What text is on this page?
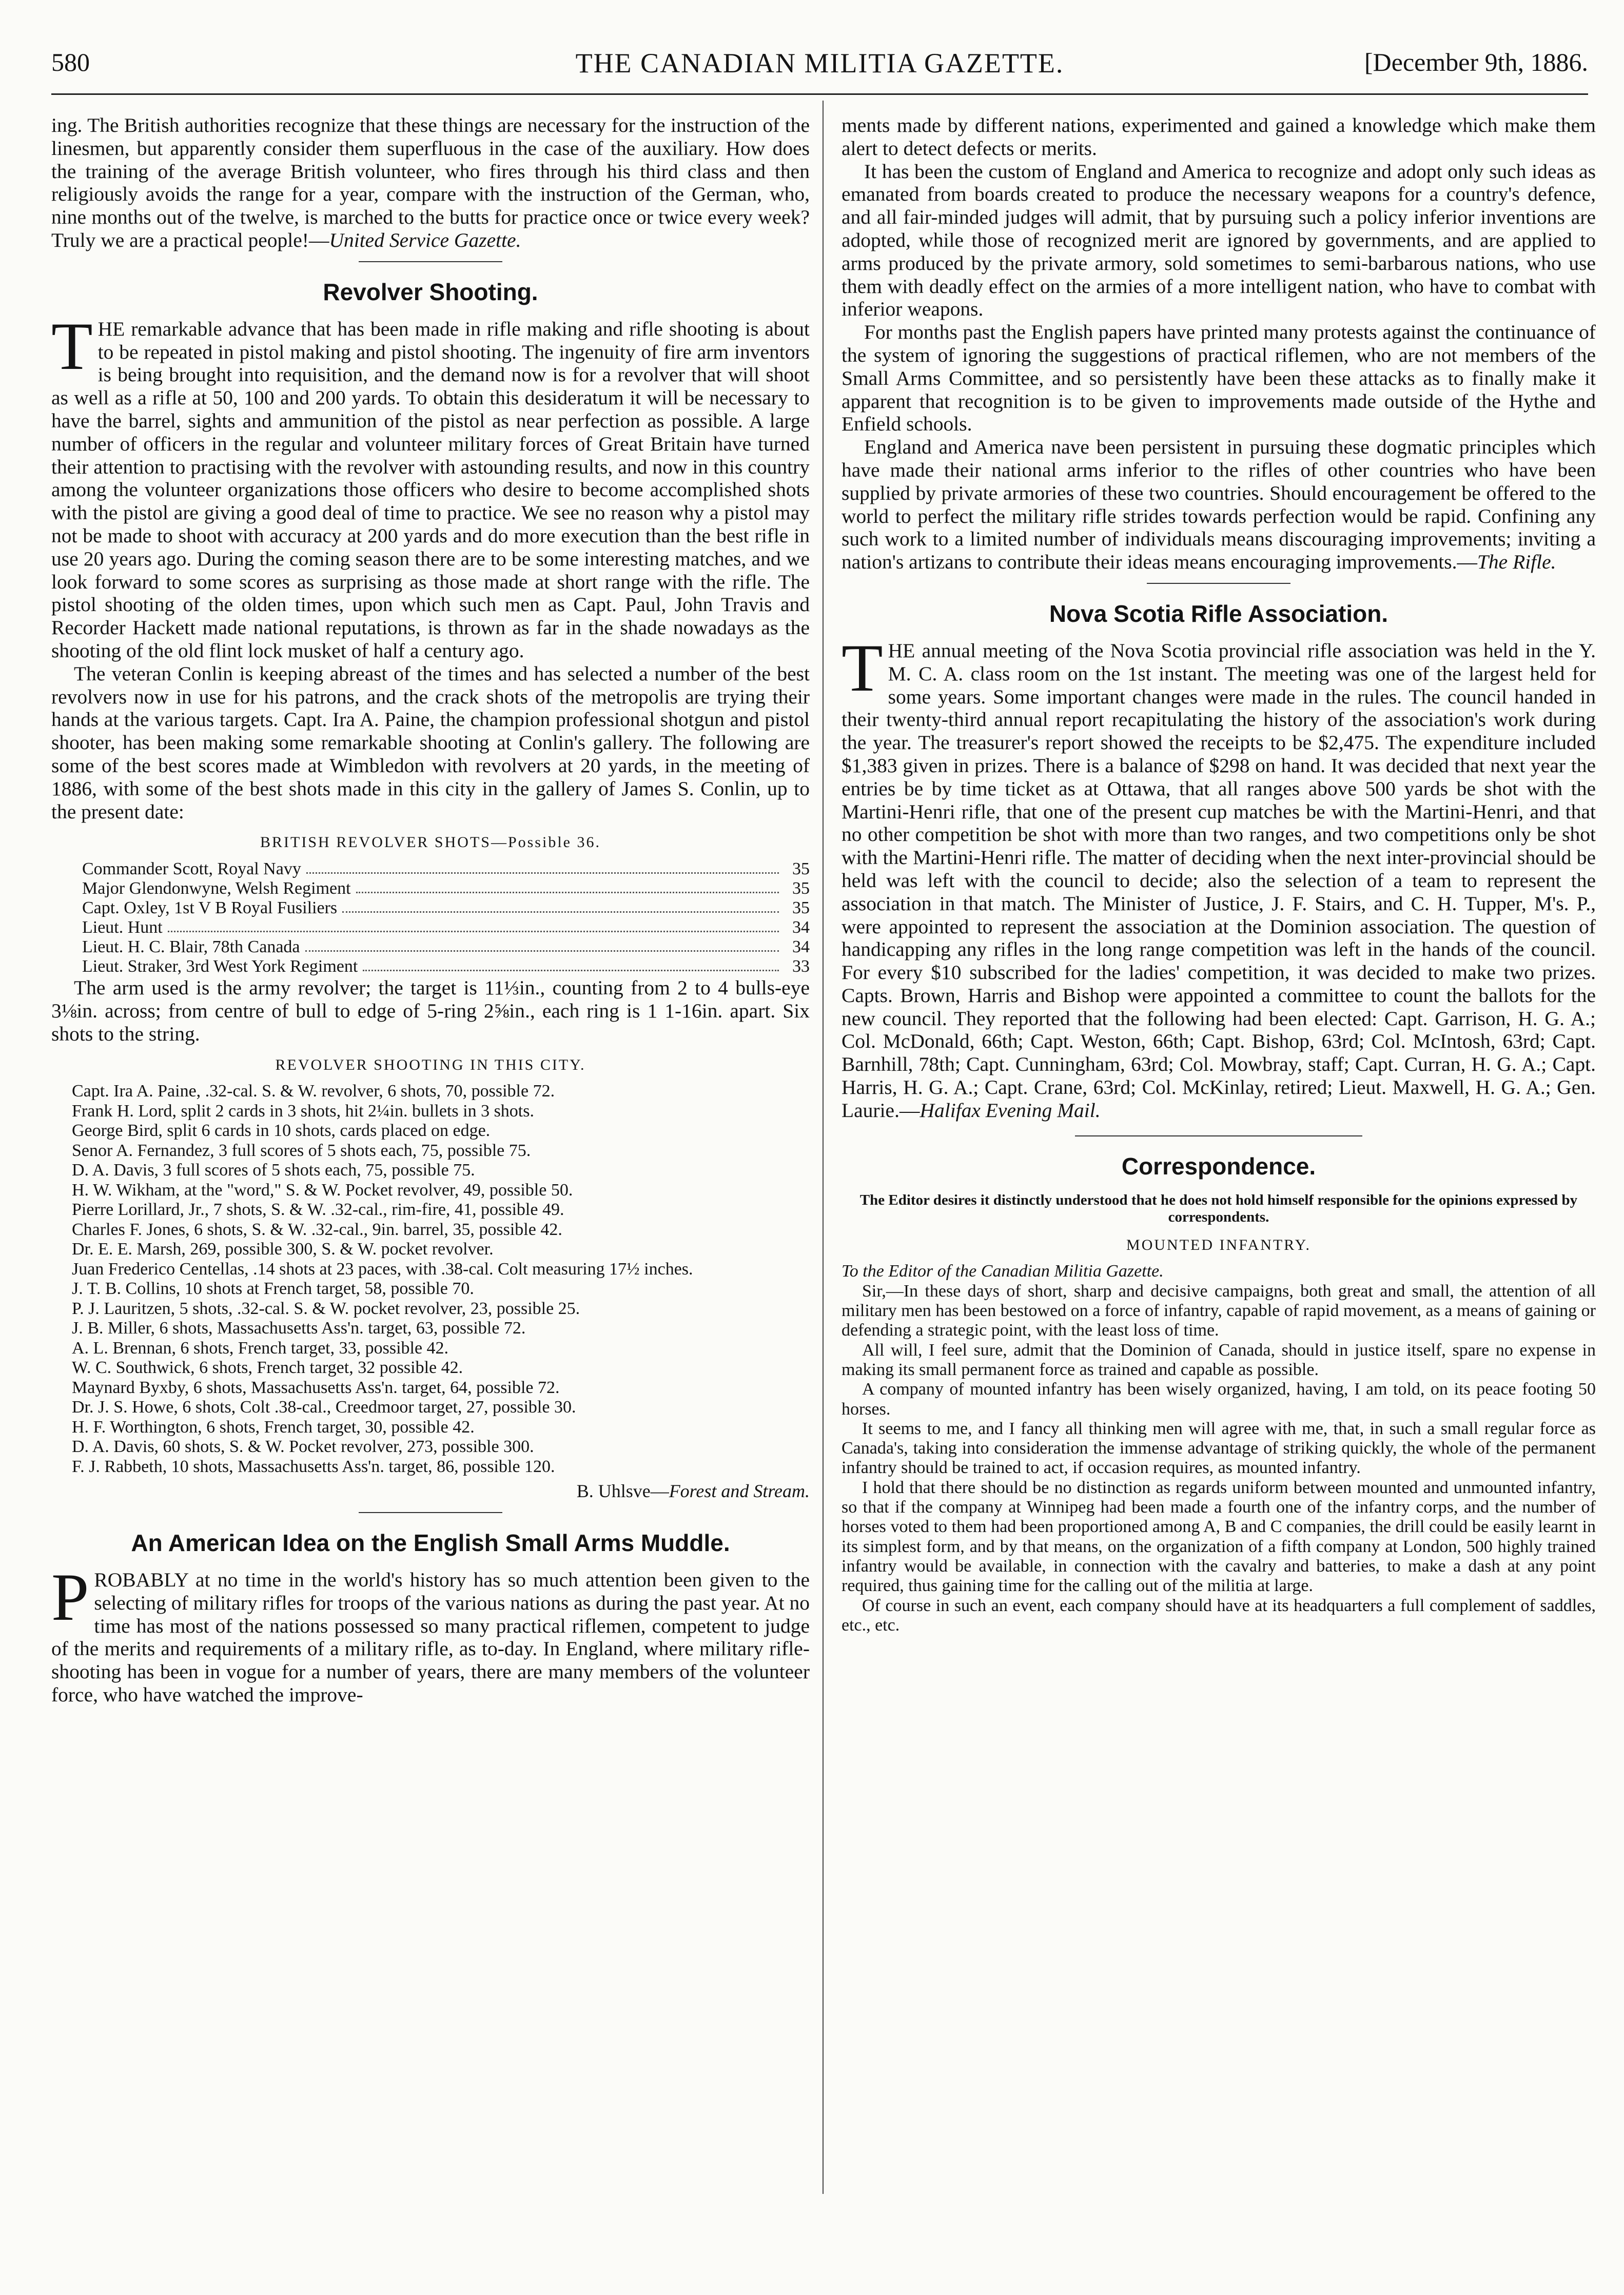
580	THE CANADIAN MILITIA GAZETTE.	[December 9th, 1886.

ing. The British authorities recognize that these things are necessary for the instruction of the linesmen, but apparently consider them superfluous in the case of the auxiliary. How does the training of the average British volunteer, who fires through his third class and then religiously avoids the range for a year, compare with the instruction of the German, who, nine months out of the twelve, is marched to the butts for practice once or twice every week? Truly we are a practical people!—United Service Gazette.

Revolver Shooting.

THE remarkable advance that has been made in rifle making and rifle shooting is about to be repeated in pistol making and pistol shooting. The ingenuity of fire arm inventors is being brought into requisition, and the demand now is for a revolver that will shoot as well as a rifle at 50, 100 and 200 yards. To obtain this desideratum it will be necessary to have the barrel, sights and ammunition of the pistol as near perfection as possible. A large number of officers in the regular and volunteer military forces of Great Britain have turned their attention to practising with the revolver with astounding results, and now in this country among the volunteer organizations those officers who desire to become accomplished shots with the pistol are giving a good deal of time to practice. We see no reason why a pistol may not be made to shoot with accuracy at 200 yards and do more execution than the best rifle in use 20 years ago. During the coming season there are to be some interesting matches, and we look forward to some scores as surprising as those made at short range with the rifle. The pistol shooting of the olden times, upon which such men as Capt. Paul, John Travis and Recorder Hackett made national reputations, is thrown as far in the shade nowadays as the shooting of the old flint lock musket of half a century ago.

The veteran Conlin is keeping abreast of the times and has selected a number of the best revolvers now in use for his patrons, and the crack shots of the metropolis are trying their hands at the various targets. Capt. Ira A. Paine, the champion professional shotgun and pistol shooter, has been making some remarkable shooting at Conlin's gallery. The following are some of the best scores made at Wimbledon with revolvers at 20 yards, in the meeting of 1886, with some of the best shots made in this city in the gallery of James S. Conlin, up to the present date:

BRITISH REVOLVER SHOTS—Possible 36.
Commander Scott, Royal Navy	35
Major Glendonwyne, Welsh Regiment	35
Capt. Oxley, 1st V B Royal Fusiliers	35
Lieut. Hunt	34
Lieut. H. C. Blair, 78th Canada	34
Lieut. Straker, 3rd West York Regiment	33

The arm used is the army revolver; the target is 11⅓in., counting from 2 to 4 bulls-eye 3⅛in. across; from centre of bull to edge of 5-ring 2⅝in., each ring is 1 1-16in. apart. Six shots to the string.

REVOLVER SHOOTING IN THIS CITY.
Capt. Ira A. Paine, .32-cal. S. & W. revolver, 6 shots, 70, possible 72.
Frank H. Lord, split 2 cards in 3 shots, hit 2¼in. bullets in 3 shots.
George Bird, split 6 cards in 10 shots, cards placed on edge.
Senor A. Fernandez, 3 full scores of 5 shots each, 75, possible 75.
D. A. Davis, 3 full scores of 5 shots each, 75, possible 75.
H. W. Wikham, at the "word," S. & W. Pocket revolver, 49, possible 50.
Pierre Lorillard, Jr., 7 shots, S. & W. .32-cal., rim-fire, 41, possible 49.
Charles F. Jones, 6 shots, S. & W. .32-cal., 9in. barrel, 35, possible 42.
Dr. E. E. Marsh, 269, possible 300, S. & W. pocket revolver.
Juan Frederico Centellas, .14 shots at 23 paces, with .38-cal. Colt measuring 17½ inches.
J. T. B. Collins, 10 shots at French target, 58, possible 70.
P. J. Lauritzen, 5 shots, .32-cal. S. & W. pocket revolver, 23, possible 25.
J. B. Miller, 6 shots, Massachusetts Ass'n. target, 63, possible 72.
A. L. Brennan, 6 shots, French target, 33, possible 42.
W. C. Southwick, 6 shots, French target, 32 possible 42.
Maynard Byxby, 6 shots, Massachusetts Ass'n. target, 64, possible 72.
Dr. J. S. Howe, 6 shots, Colt .38-cal., Creedmoor target, 27, possible 30.
H. F. Worthington, 6 shots, French target, 30, possible 42.
D. A. Davis, 60 shots, S. & W. Pocket revolver, 273, possible 300.
F. J. Rabbeth, 10 shots, Massachusetts Ass'n. target, 86, possible 120.
B. Uhlsve—Forest and Stream.
An American Idea on the English Small Arms Muddle.

PROBABLY at no time in the world's history has so much attention been given to the selecting of military rifles for troops of the various nations as during the past year. At no time has most of the nations possessed so many practical riflemen, competent to judge of the merits and requirements of a military rifle, as to-day. In England, where military rifle-shooting has been in vogue for a number of years, there are many members of the volunteer force, who have watched the improve-

ments made by different nations, experimented and gained a knowledge which make them alert to detect defects or merits.

It has been the custom of England and America to recognize and adopt only such ideas as emanated from boards created to produce the necessary weapons for a country's defence, and all fair-minded judges will admit, that by pursuing such a policy inferior inventions are adopted, while those of recognized merit are ignored by governments, and are applied to arms produced by the private armory, sold sometimes to semi-barbarous nations, who use them with deadly effect on the armies of a more intelligent nation, who have to combat with inferior weapons.

For months past the English papers have printed many protests against the continuance of the system of ignoring the suggestions of practical riflemen, who are not members of the Small Arms Committee, and so persistently have been these attacks as to finally make it apparent that recognition is to be given to improvements made outside of the Hythe and Enfield schools.

England and America nave been persistent in pursuing these dogmatic principles which have made their national arms inferior to the rifles of other countries who have been supplied by private armories of these two countries. Should encouragement be offered to the world to perfect the military rifle strides towards perfection would be rapid. Confining any such work to a limited number of individuals means discouraging improvements; inviting a nation's artizans to contribute their ideas means encouraging improvements.—The Rifle.

Nova Scotia Rifle Association.

THE annual meeting of the Nova Scotia provincial rifle association was held in the Y. M. C. A. class room on the 1st instant. The meeting was one of the largest held for some years. Some important changes were made in the rules. The council handed in their twenty-third annual report recapitulating the history of the association's work during the year. The treasurer's report showed the receipts to be $2,475. The expenditure included $1,383 given in prizes. There is a balance of $298 on hand. It was decided that next year the entries be by time ticket as at Ottawa, that all ranges above 500 yards be shot with the Martini-Henri rifle, that one of the present cup matches be with the Martini-Henri, and that no other competition be shot with more than two ranges, and two competitions only be shot with the Martini-Henri rifle. The matter of deciding when the next inter-provincial should be held was left with the council to decide; also the selection of a team to represent the association in that match. The Minister of Justice, J. F. Stairs, and C. H. Tupper, M's. P., were appointed to represent the association at the Dominion association. The question of handicapping any rifles in the long range competition was left in the hands of the council. For every $10 subscribed for the ladies' competition, it was decided to make two prizes. Capts. Brown, Harris and Bishop were appointed a committee to count the ballots for the new council. They reported that the following had been elected: Capt. Garrison, H. G. A.; Col. McDonald, 66th; Capt. Weston, 66th; Capt. Bishop, 63rd; Col. McIntosh, 63rd; Capt. Barnhill, 78th; Capt. Cunningham, 63rd; Col. Mowbray, staff; Capt. Curran, H. G. A.; Capt. Harris, H. G. A.; Capt. Crane, 63rd; Col. McKinlay, retired; Lieut. Maxwell, H. G. A.; Gen. Laurie.—Halifax Evening Mail.

Correspondence.
The Editor desires it distinctly understood that he does not hold himself responsible for the opinions expressed by correspondents.
MOUNTED INFANTRY.

To the Editor of the Canadian Militia Gazette.

Sir,—In these days of short, sharp and decisive campaigns, both great and small, the attention of all military men has been bestowed on a force of infantry, capable of rapid movement, as a means of gaining or defending a strategic point, with the least loss of time.

All will, I feel sure, admit that the Dominion of Canada, should in justice itself, spare no expense in making its small permanent force as trained and capable as possible.

A company of mounted infantry has been wisely organized, having, I am told, on its peace footing 50 horses.

It seems to me, and I fancy all thinking men will agree with me, that, in such a small regular force as Canada's, taking into consideration the immense advantage of striking quickly, the whole of the permanent infantry should be trained to act, if occasion requires, as mounted infantry.

I hold that there should be no distinction as regards uniform between mounted and unmounted infantry, so that if the company at Winnipeg had been made a fourth one of the infantry corps, and the number of horses voted to them had been proportioned among A, B and C companies, the drill could be easily learnt in its simplest form, and by that means, on the organization of a fifth company at London, 500 highly trained infantry would be available, in connection with the cavalry and batteries, to make a dash at any point required, thus gaining time for the calling out of the militia at large.

Of course in such an event, each company should have at its headquarters a full complement of saddles, etc., etc.
